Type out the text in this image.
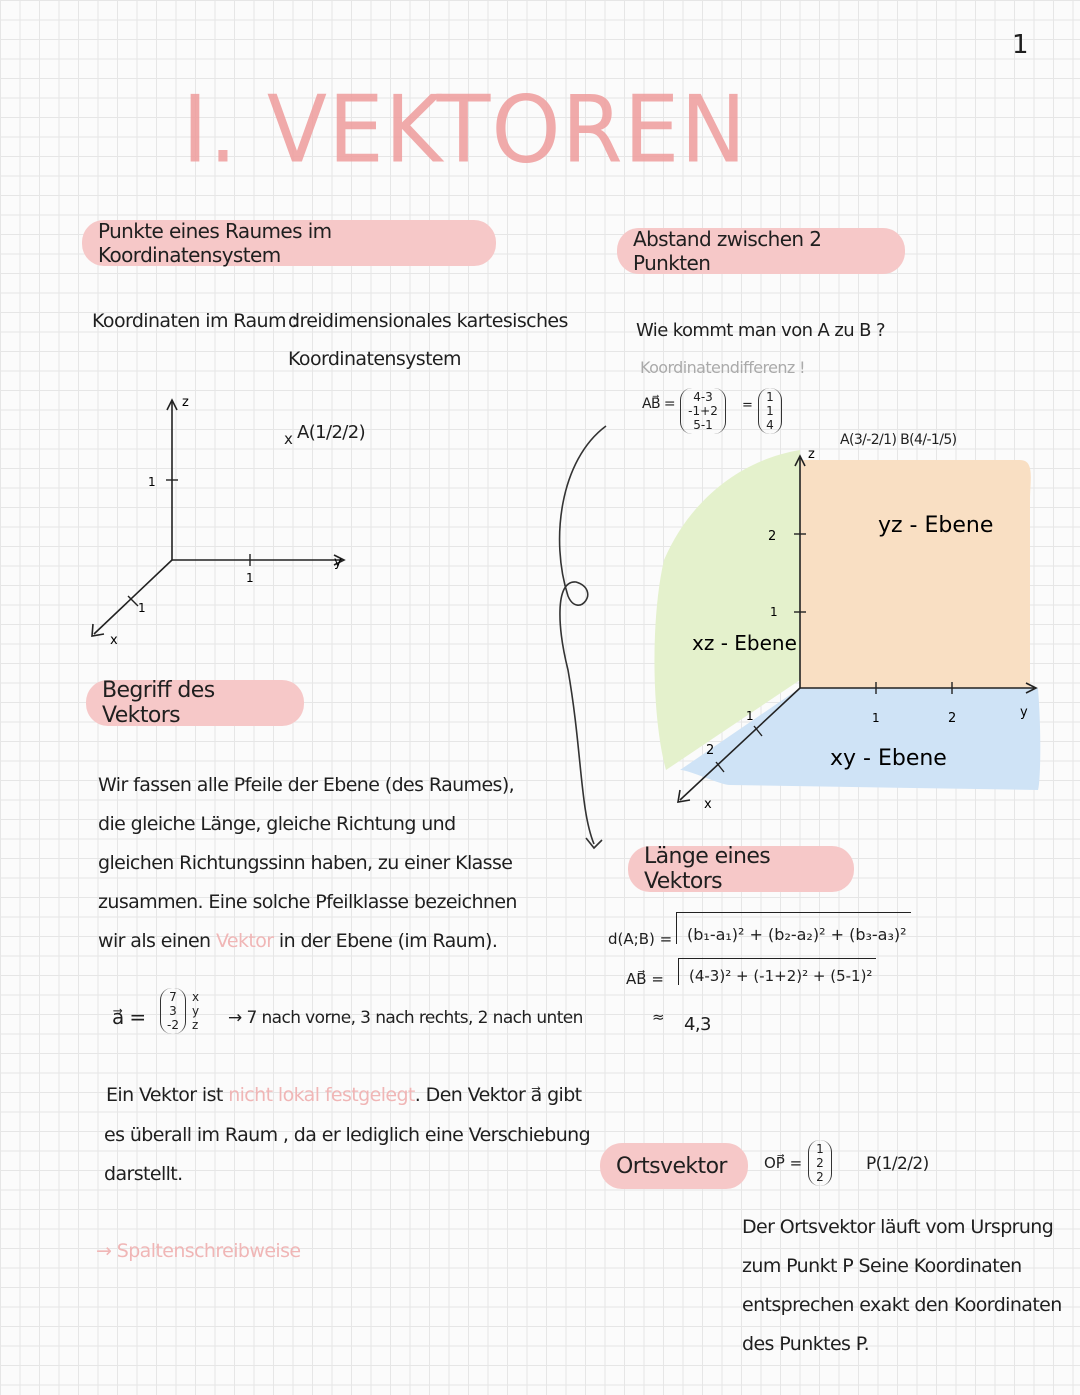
1
I. VEKTOREN
Punkte eines Raumes im Koordinatensystem
Koordinaten im Raum :
dreidimensionales kartesisches
Koordinatensystem
z
y
x
1
1
1
x A(1/2/2)
Begriff des Vektors
Wir fassen alle Pfeile der Ebene (des Raumes),
die gleiche Länge, gleiche Richtung und
gleichen Richtungssinn haben, zu einer Klasse
zusammen. Eine solche Pfeilklasse bezeichnen
wir als einen Vektor in der Ebene (im Raum).
a⃗ =
7
3
-2
x
y
z → 7 nach vorne, 3 nach rechts, 2 nach unten
Ein Vektor ist nicht lokal festgelegt. Den Vektor a⃗ gibt
es überall im Raum , da er lediglich eine Verschiebung
darstellt.
→ Spaltenschreibweise
Abstand zwischen 2 Punkten
Wie kommt man von A zu B ?
Koordinatendifferenz !
AB⃗ =	4-3
-1+2
5-1
=
1
1
4
A(3/-2/1) B(4/-1/5)
z
y
x
2
1
1	2
1
2
yz - Ebene
xz - Ebene
xy - Ebene
Länge eines Vektors
d(A;B) = (b₁-a₁)² + (b₂-a₂)² + (b₃-a₃)²
AB⃗ =	(4-3)² + (-1+2)² + (5-1)²
≈ 4,3
Ortsvektor OP⃗ =
1
2
2
P(1/2/2)
Der Ortsvektor läuft vom Ursprung
zum Punkt P Seine Koordinaten
entsprechen exakt den Koordinaten
des Punktes P.
